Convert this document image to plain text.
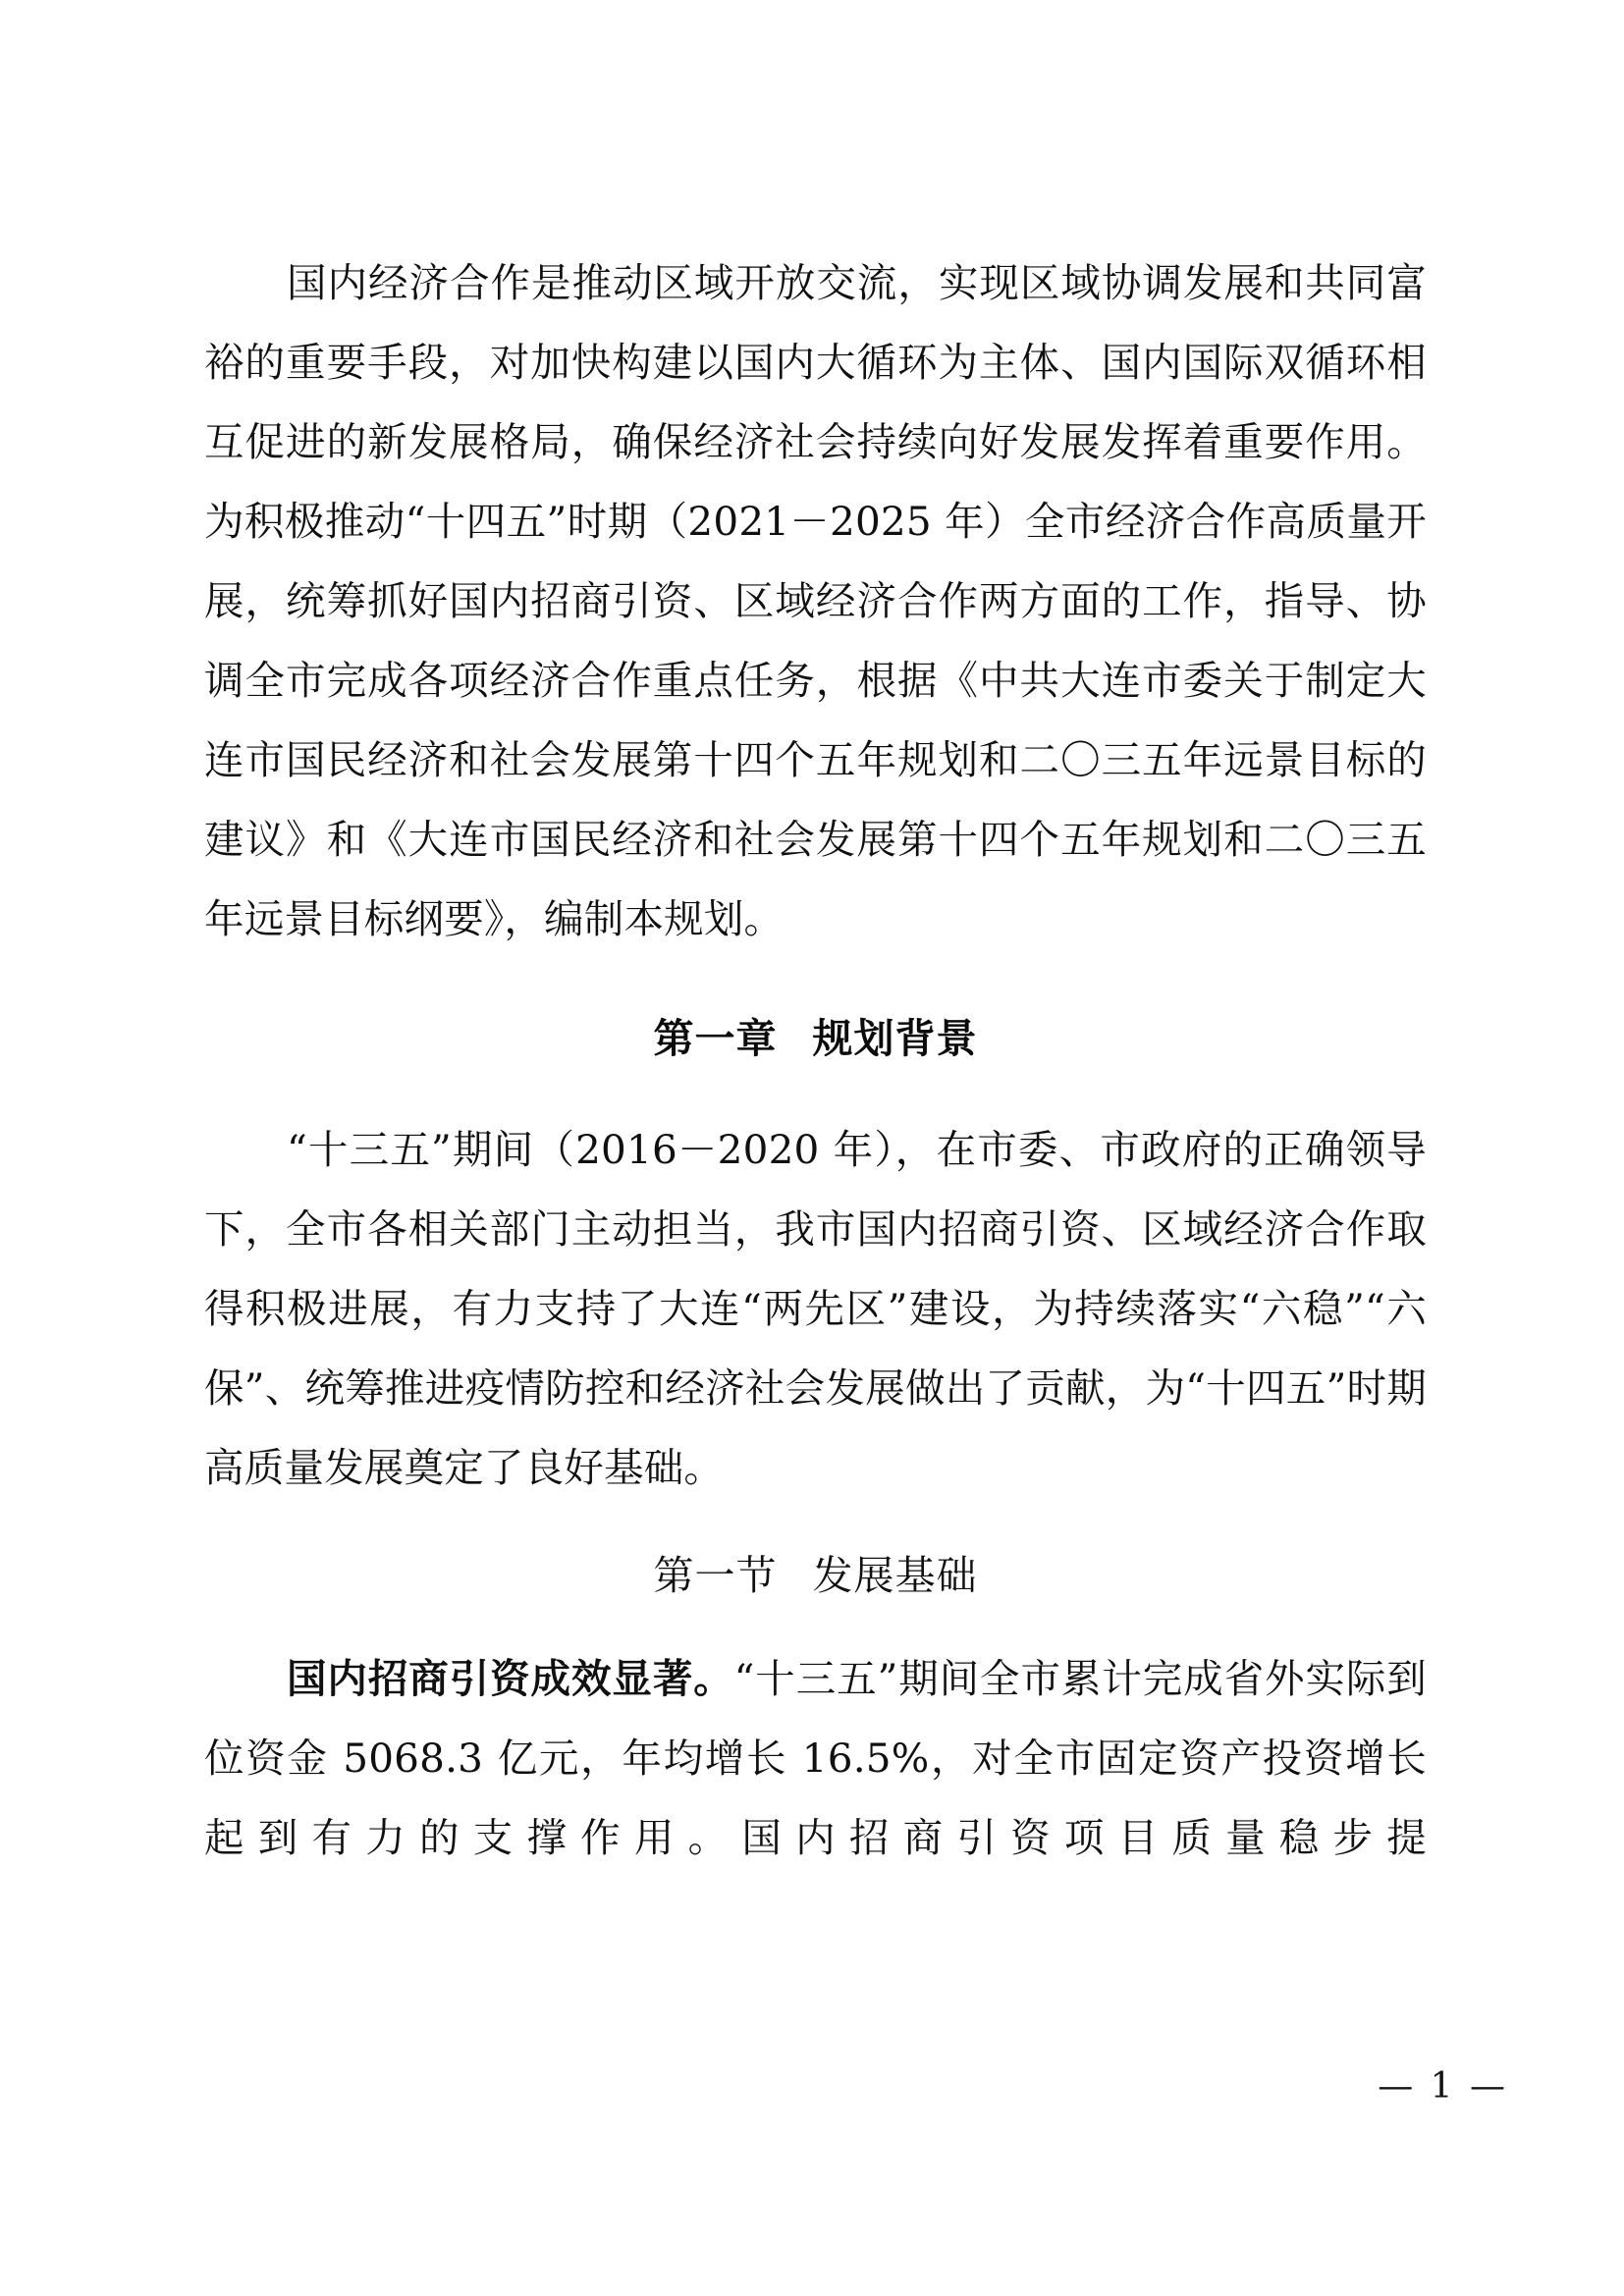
国内经济合作是推动区域开放交流，实现区域协调发展和共同富裕的重要手段，对加快构建以国内大循环为主体、国内国际双循环相互促进的新发展格局，确保经济社会持续向好发展发挥着重要作用。为积极推动“十四五”时期（2021－2025 年）全市经济合作高质量开展，统筹抓好国内招商引资、区域经济合作两方面的工作，指导、协调全市完成各项经济合作重点任务，根据《中共大连市委关于制定大连市国民经济和社会发展第十四个五年规划和二〇三五年远景目标的建议》和《大连市国民经济和社会发展第十四个五年规划和二〇三五年远景目标纲要》，编制本规划。

第一章 规划背景

“十三五”期间（2016－2020 年），在市委、市政府的正确领导下，全市各相关部门主动担当，我市国内招商引资、区域经济合作取得积极进展，有力支持了大连“两先区”建设，为持续落实“六稳”“六保”、统筹推进疫情防控和经济社会发展做出了贡献，为“十四五”时期高质量发展奠定了良好基础。

第一节 发展基础

国内招商引资成效显著。“十三五”期间全市累计完成省外实际到位资金 5068.3 亿元，年均增长 16.5%，对全市固定资产投资增长起到有力的支撑作用。国内招商引资项目质量稳步提

— 1 —
